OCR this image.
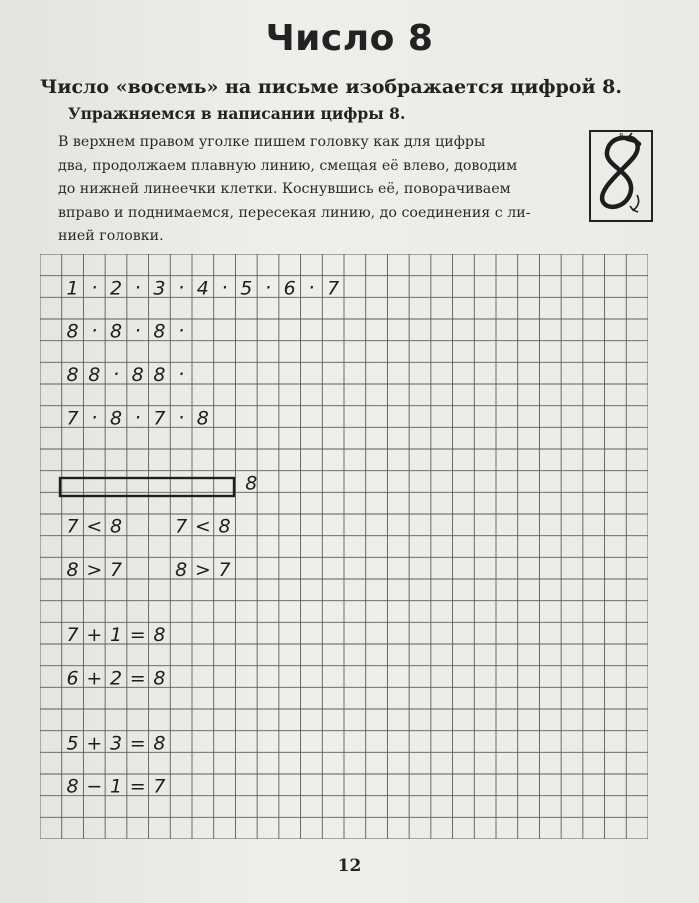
Число 8
Число «восемь» на письме изображается цифрой 8.
Упражняемся в написании цифры 8.
В верхнем правом уголке пишем головку как для цифры
два, продолжаем плавную линию, смещая её влево, доводим
до нижней линеечки клетки. Коснувшись её, поворачиваем
вправо и поднимаемся, пересекая линию, до соединения с ли-
нией головки.
8
1 · 2 · 3 · 4 · 5 · 6 · 7
8 · 8 · 8 ·
8 8 · 8 8 ·
7 · 8 · 7 · 8
8
7 < 8	7 < 8
8 > 7	8 > 7
7 + 1 = 8
6 + 2 = 8
5 + 3 = 8
8 − 1 = 7
12
